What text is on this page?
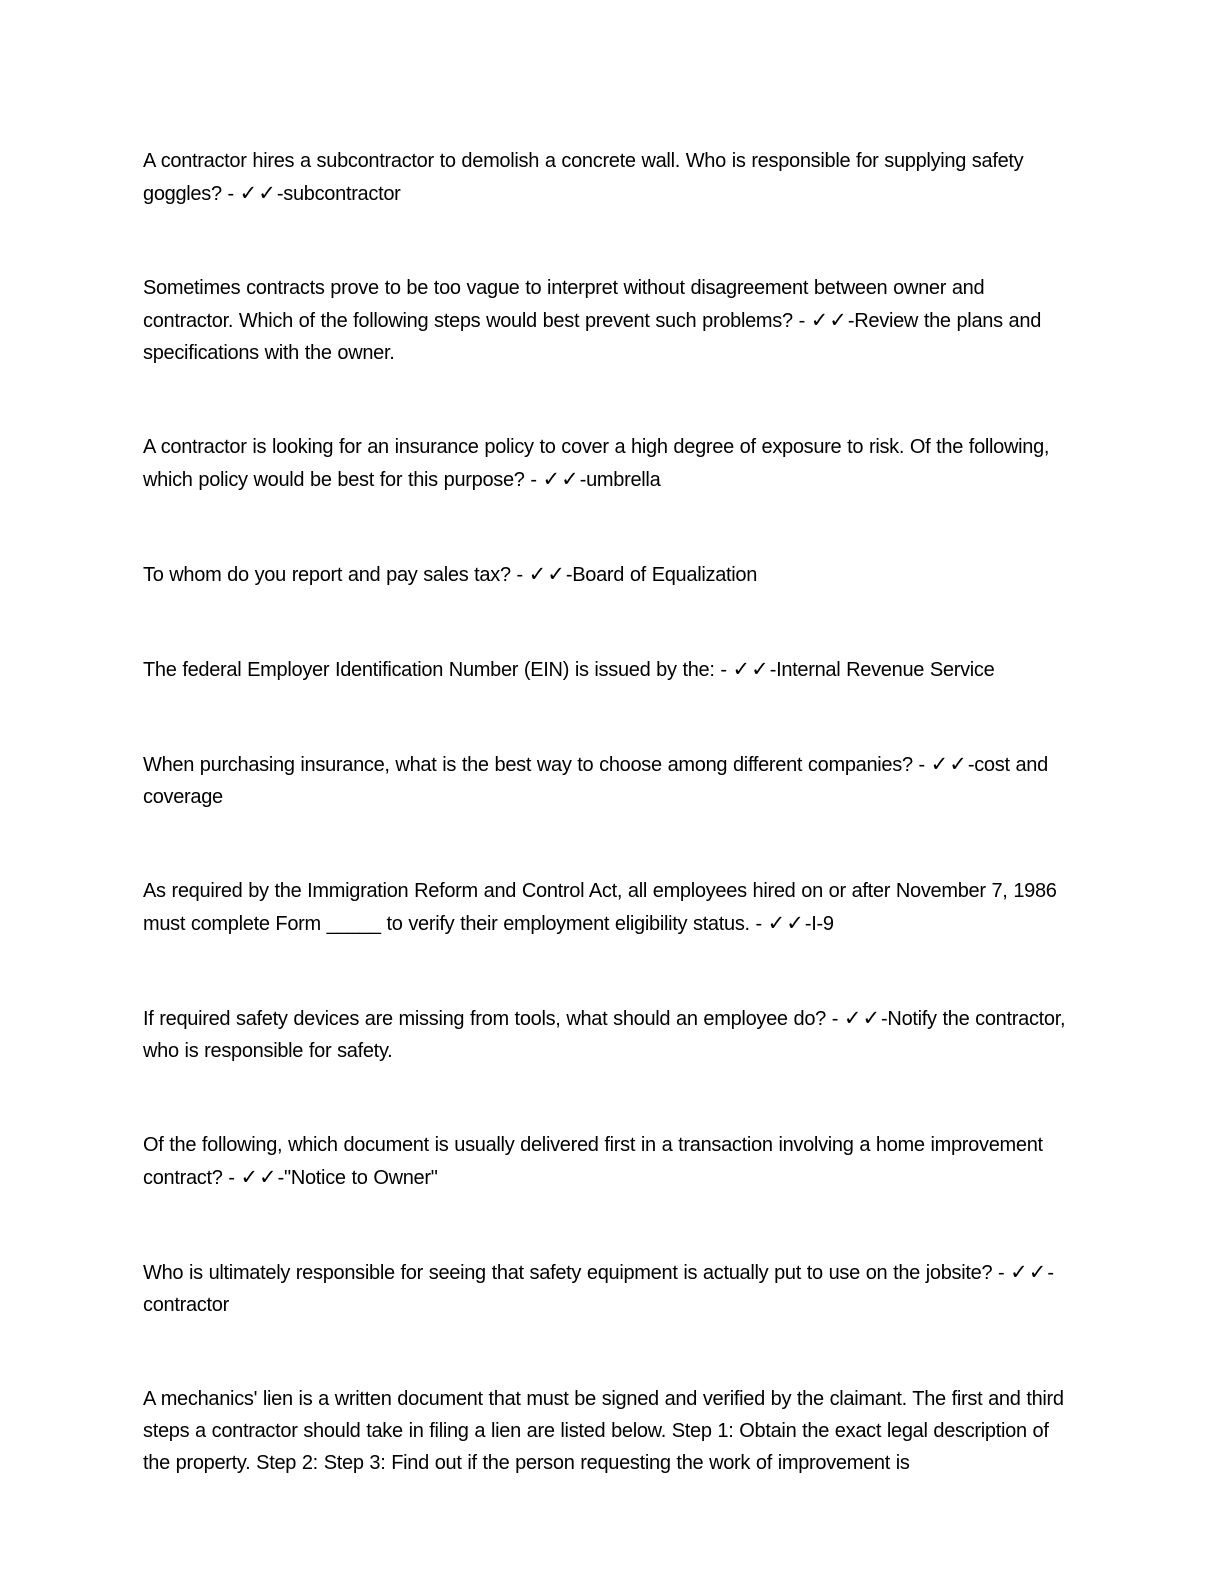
A contractor hires a subcontractor to demolish a concrete wall. Who is responsible for supplying safety goggles? - ✓✓-subcontractor

Sometimes contracts prove to be too vague to interpret without disagreement between owner and contractor. Which of the following steps would best prevent such problems? - ✓✓-Review the plans and specifications with the owner.

A contractor is looking for an insurance policy to cover a high degree of exposure to risk. Of the following, which policy would be best for this purpose? - ✓✓-umbrella

To whom do you report and pay sales tax? - ✓✓-Board of Equalization

The federal Employer Identification Number (EIN) is issued by the: - ✓✓-Internal Revenue Service

When purchasing insurance, what is the best way to choose among different companies? - ✓✓-cost and coverage

As required by the Immigration Reform and Control Act, all employees hired on or after November 7, 1986 must complete Form _____ to verify their employment eligibility status. - ✓✓-I-9

If required safety devices are missing from tools, what should an employee do? - ✓✓-Notify the contractor, who is responsible for safety.

Of the following, which document is usually delivered first in a transaction involving a home improvement contract? - ✓✓-"Notice to Owner"

Who is ultimately responsible for seeing that safety equipment is actually put to use on the jobsite? - ✓✓-contractor

A mechanics' lien is a written document that must be signed and verified by the claimant. The first and third steps a contractor should take in filing a lien are listed below. Step 1: Obtain the exact legal description of the property. Step 2: Step 3: Find out if the person requesting the work of improvement is
